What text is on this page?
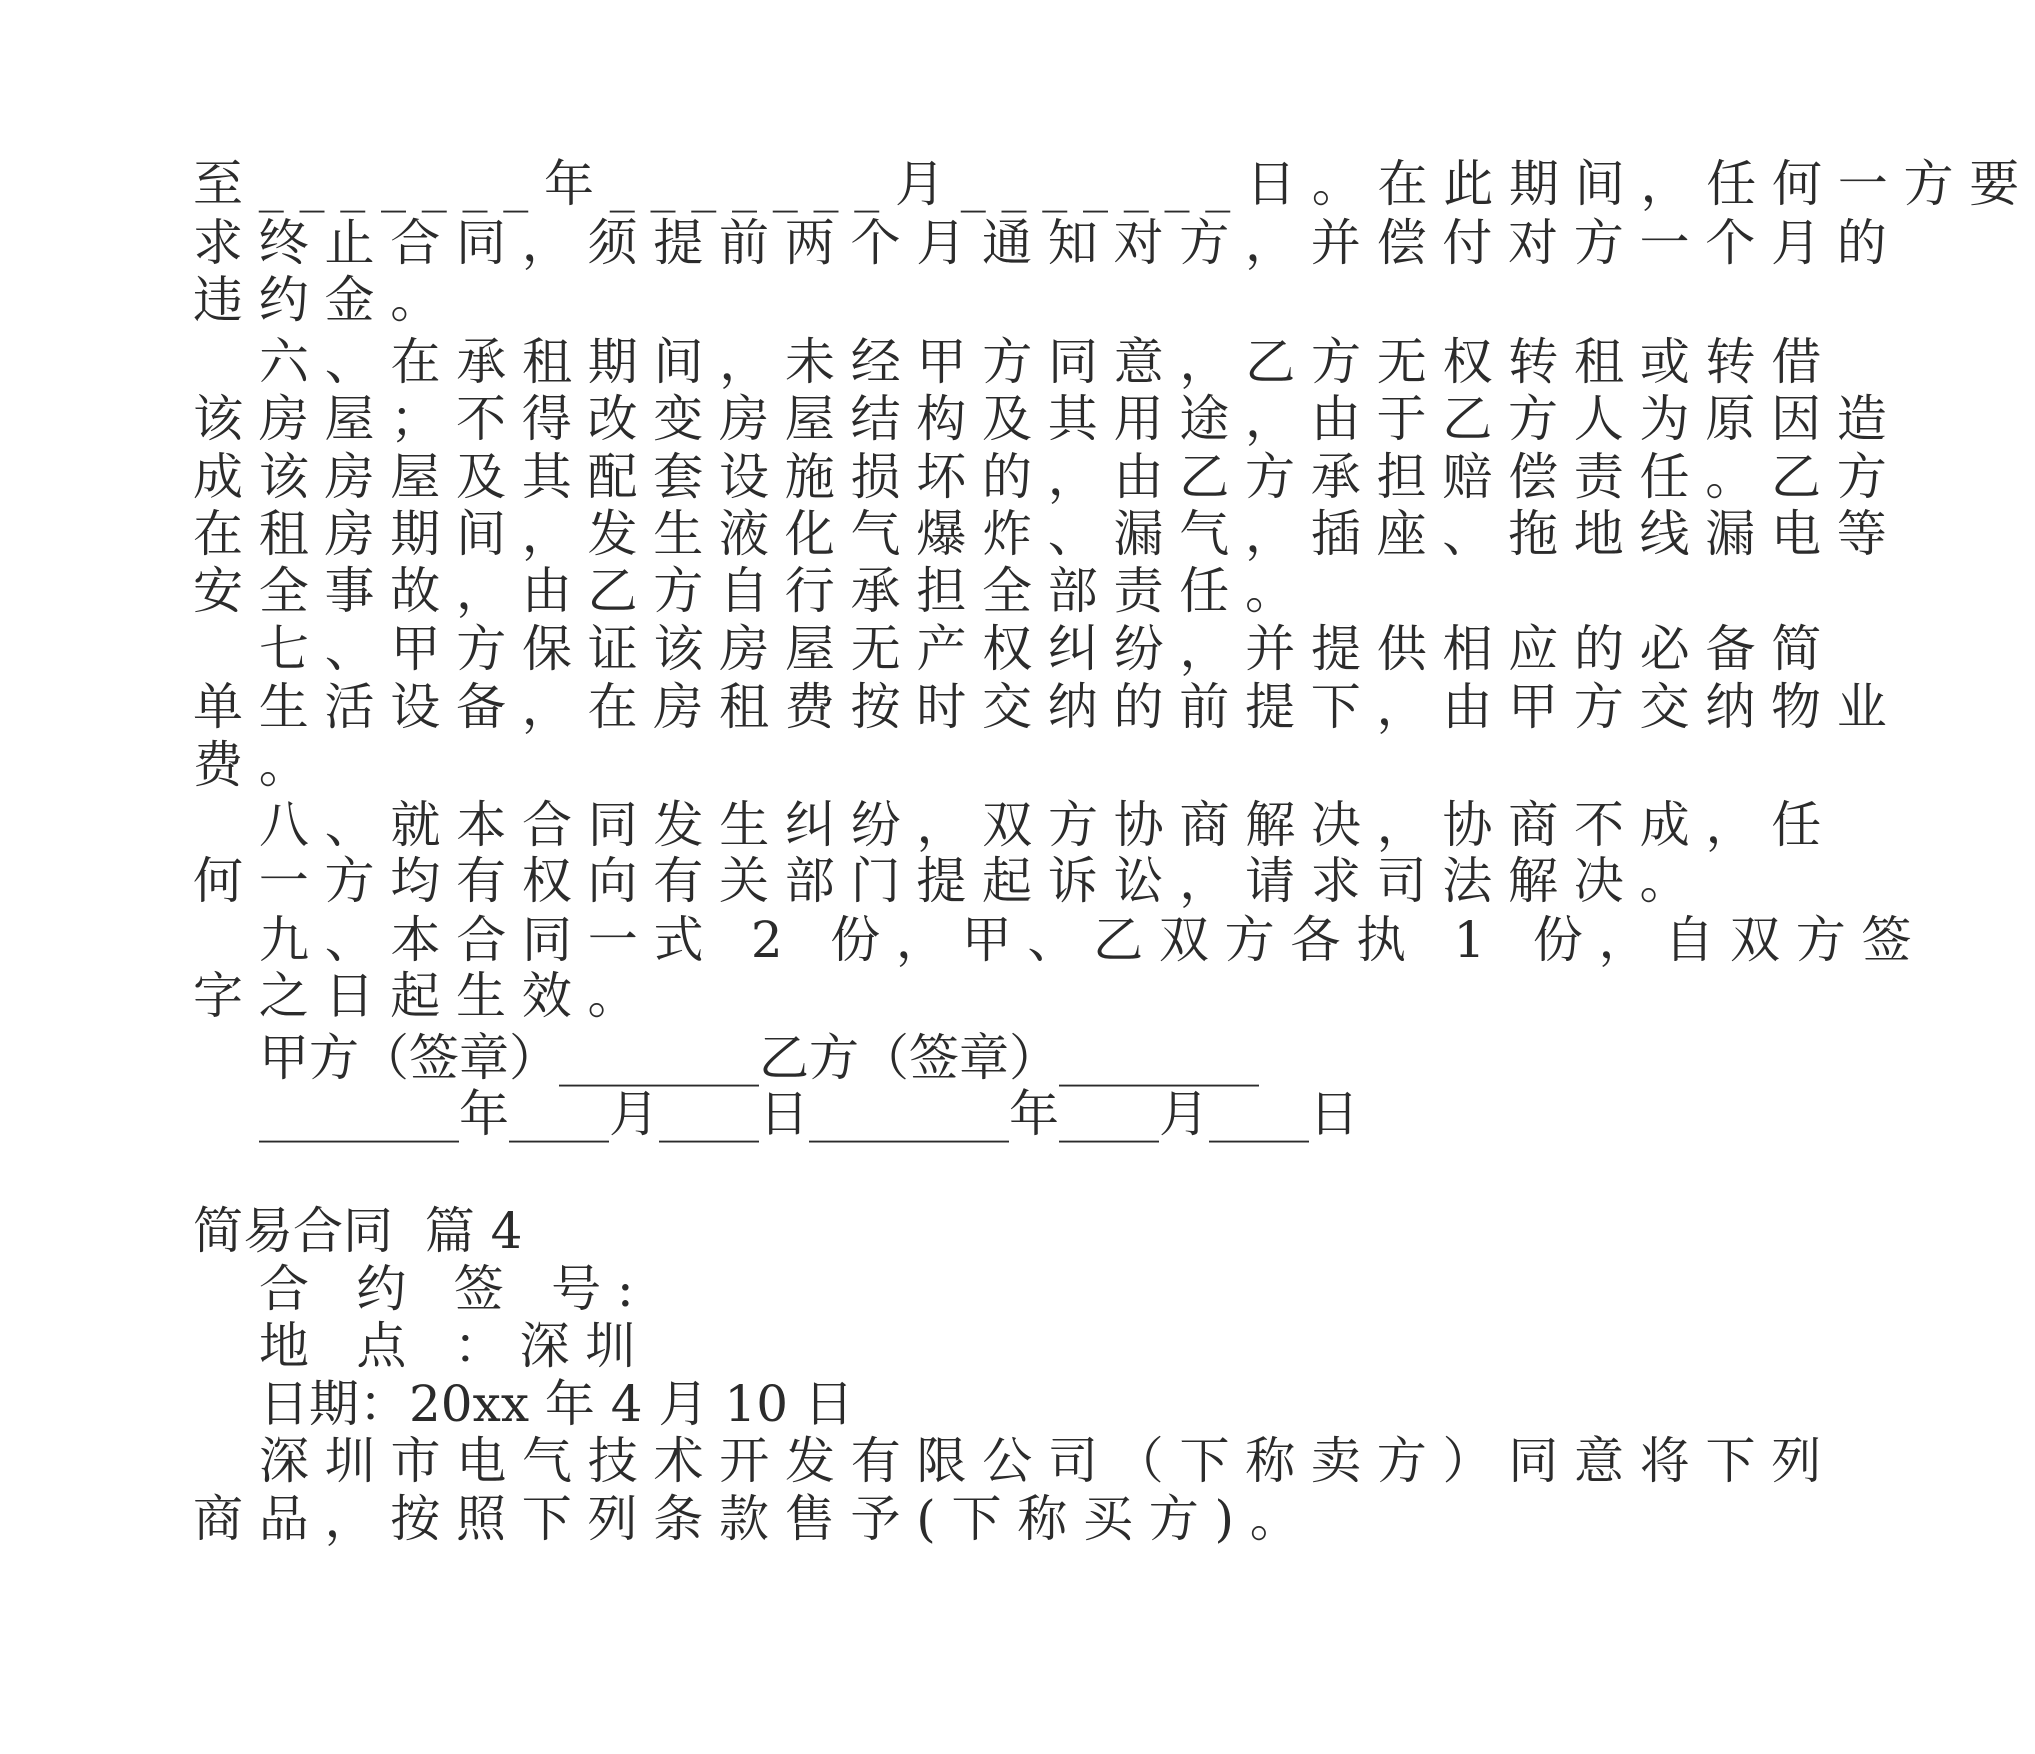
至_______年_______月_______日。在此期间，任何一方要
求终止合同，须提前两个月通知对方，并偿付对方一个月的
违约金。
六、在承租期间，未经甲方同意，乙方无权转租或转借
该房屋；不得改变房屋结构及其用途，由于乙方人为原因造
成该房屋及其配套设施损坏的，由乙方承担赔偿责任。乙方
在租房期间，发生液化气爆炸、漏气，插座、拖地线漏电等
安全事故，由乙方自行承担全部责任。
七、甲方保证该房屋无产权纠纷，并提供相应的必备简
单生活设备，在房租费按时交纳的前提下，由甲方交纳物业
费。
八、就本合同发生纠纷，双方协商解决，协商不成，任
何一方均有权向有关部门提起诉讼，请求司法解决。
九、本合同一式 2 份，甲、乙双方各执 1 份，自双方签
字之日起生效。
甲方（签章）________乙方（签章）________
________年____月____日________年____月____日
简易合同  篇 4
合 约 签 号:
地 点 ：深圳
日期：20xx 年 4 月 10 日
深圳市电气技术开发有限公司（下称卖方）同意将下列
商品，按照下列条款售予(下称买方)。
